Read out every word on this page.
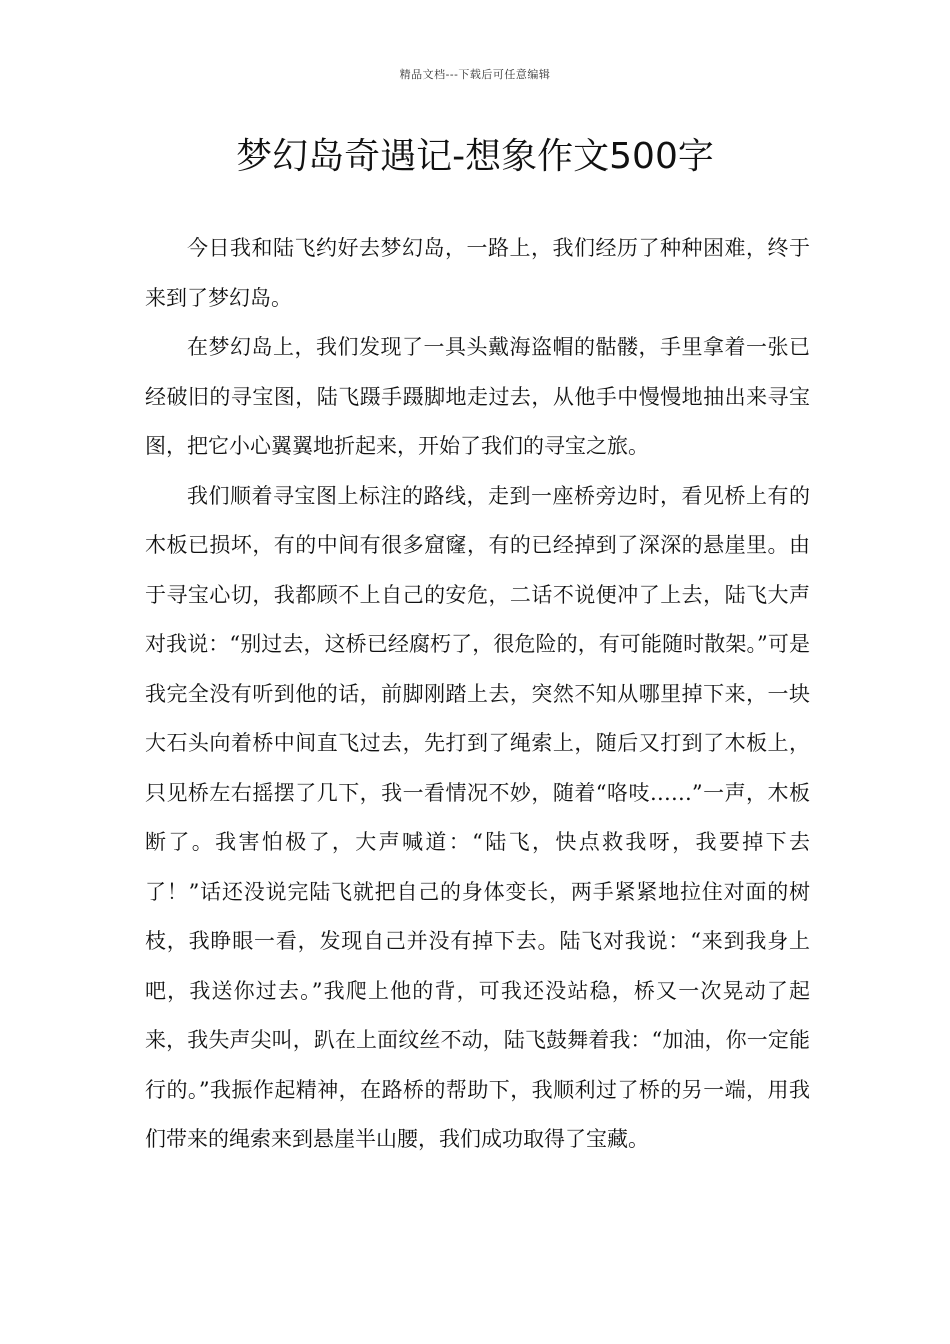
精品文档---下载后可任意编辑
梦幻岛奇遇记-想象作文500字

今日我和陆飞约好去梦幻岛，一路上，我们经历了种种困难，终于来到了梦幻岛。

在梦幻岛上，我们发现了一具头戴海盗帽的骷髅，手里拿着一张已经破旧的寻宝图，陆飞蹑手蹑脚地走过去，从他手中慢慢地抽出来寻宝图，把它小心翼翼地折起来，开始了我们的寻宝之旅。

我们顺着寻宝图上标注的路线，走到一座桥旁边时，看见桥上有的木板已损坏，有的中间有很多窟窿，有的已经掉到了深深的悬崖里。由于寻宝心切，我都顾不上自己的安危，二话不说便冲了上去，陆飞大声对我说：“别过去，这桥已经腐朽了，很危险的，有可能随时散架。”可是我完全没有听到他的话，前脚刚踏上去，突然不知从哪里掉下来，一块大石头向着桥中间直飞过去，先打到了绳索上，随后又打到了木板上，只见桥左右摇摆了几下，我一看情况不妙，随着“咯吱……”一声，木板断了。我害怕极了，大声喊道：“陆飞，快点救我呀，我要掉下去了！”话还没说完陆飞就把自己的身体变长，两手紧紧地拉住对面的树枝，我睁眼一看，发现自己并没有掉下去。陆飞对我说：“来到我身上吧，我送你过去。”我爬上他的背，可我还没站稳，桥又一次晃动了起来，我失声尖叫，趴在上面纹丝不动，陆飞鼓舞着我：“加油，你一定能行的。”我振作起精神，在路桥的帮助下，我顺利过了桥的另一端，用我们带来的绳索来到悬崖半山腰，我们成功取得了宝藏。
